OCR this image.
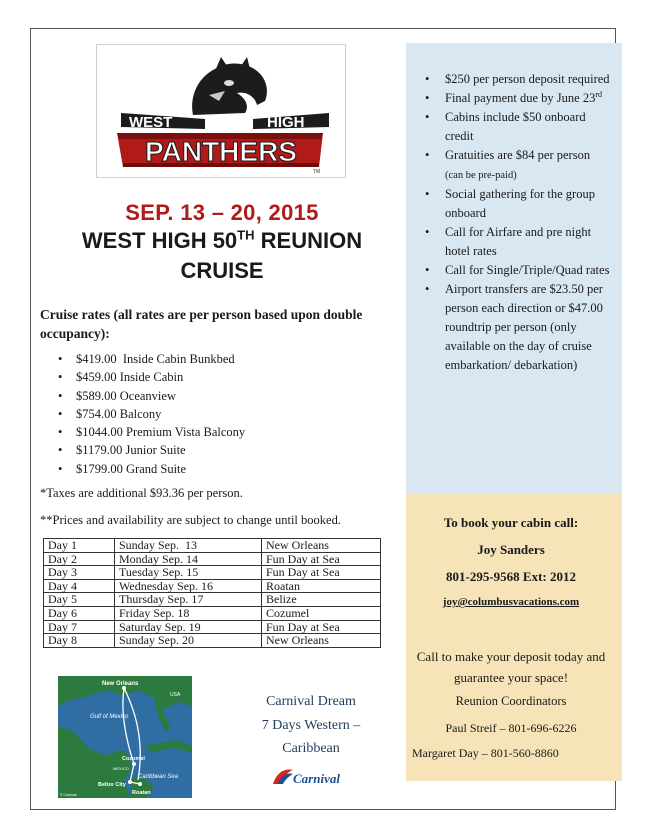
WEST	HIGH
PANTHERS
TM
SEP. 13 – 20, 2015
WEST HIGH 50TH REUNION
CRUISE
Cruise rates (all rates are per person based upon double occupancy):
• $419.00  Inside Cabin Bunkbed
• $459.00 Inside Cabin
• $589.00 Oceanview
• $754.00 Balcony
• $1044.00 Premium Vista Balcony
• $1179.00 Junior Suite
• $1799.00 Grand Suite
*Taxes are additional $93.36 per person.
**Prices and availability are subject to change until booked.
Day 1	Sunday Sep.  13	New Orleans
Day 2	Monday Sep. 14	Fun Day at Sea
Day 3	Tuesday Sep. 15	Fun Day at Sea
Day 4	Wednesday Sep. 16	Roatan
Day 5	Thursday Sep. 17	Belize
Day 6	Friday Sep. 18	Cozumel
Day 7	Saturday Sep. 19	Fun Day at Sea
Day 8	Sunday Sep. 20	New Orleans
New Orleans
USA
Gulf of Mexico
Cozumel
MEXICO
Belize City
Caribbean Sea
Roatan
© Carnival
Carnival Dream
7 Days Western –
Caribbean
Carnival
• $250 per person deposit required
• Final payment due by June 23rd
• Cabins include $50 onboard credit
• Gratuities are $84 per person
(can be pre-paid)
• Social gathering for the group onboard
• Call for Airfare and pre night hotel rates
• Call for Single/Triple/Quad rates
• Airport transfers are $23.50 per person each direction or $47.00 roundtrip per person (only available on the day of cruise embarkation/ debarkation)
To book your cabin call:
Joy Sanders
801-295-9568 Ext: 2012
joy@columbusvacations.com
Call to make your deposit today and
guarantee your space!
Reunion Coordinators
Paul Streif – 801-696-6226
Margaret Day – 801-560-8860
